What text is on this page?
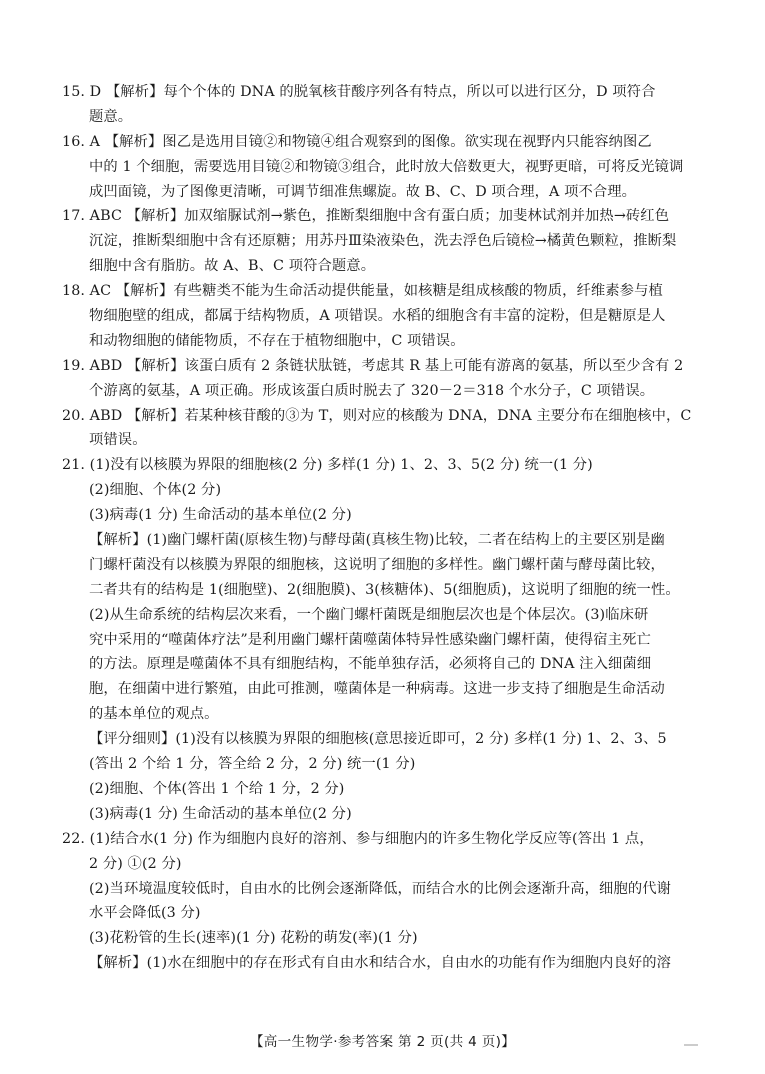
15. D 【解析】每个个体的 DNA 的脱氧核苷酸序列各有特点，所以可以进行区分，D 项符合
题意。
16. A 【解析】图乙是选用目镜②和物镜④组合观察到的图像。欲实现在视野内只能容纳图乙
中的 1 个细胞，需要选用目镜②和物镜③组合，此时放大倍数更大，视野更暗，可将反光镜调
成凹面镜，为了图像更清晰，可调节细准焦螺旋。故 B、C、D 项合理，A 项不合理。
17. ABC 【解析】加双缩脲试剂→紫色，推断梨细胞中含有蛋白质；加斐林试剂并加热→砖红色
沉淀，推断梨细胞中含有还原糖；用苏丹Ⅲ染液染色，洗去浮色后镜检→橘黄色颗粒，推断梨
细胞中含有脂肪。故 A、B、C 项符合题意。
18. AC 【解析】有些糖类不能为生命活动提供能量，如核糖是组成核酸的物质，纤维素参与植
物细胞壁的组成，都属于结构物质，A 项错误。水稻的细胞含有丰富的淀粉，但是糖原是人
和动物细胞的储能物质，不存在于植物细胞中，C 项错误。
19. ABD 【解析】该蛋白质有 2 条链状肽链，考虑其 R 基上可能有游离的氨基，所以至少含有 2
个游离的氨基，A 项正确。形成该蛋白质时脱去了 320－2＝318 个水分子，C 项错误。
20. ABD 【解析】若某种核苷酸的③为 T，则对应的核酸为 DNA，DNA 主要分布在细胞核中，C
项错误。
21. (1)没有以核膜为界限的细胞核(2 分) 多样(1 分) 1、2、3、5(2 分) 统一(1 分)
(2)细胞、个体(2 分)
(3)病毒(1 分) 生命活动的基本单位(2 分)
【解析】(1)幽门螺杆菌(原核生物)与酵母菌(真核生物)比较，二者在结构上的主要区别是幽
门螺杆菌没有以核膜为界限的细胞核，这说明了细胞的多样性。幽门螺杆菌与酵母菌比较，
二者共有的结构是 1(细胞壁)、2(细胞膜)、3(核糖体)、5(细胞质)，这说明了细胞的统一性。
(2)从生命系统的结构层次来看，一个幽门螺杆菌既是细胞层次也是个体层次。(3)临床研
究中采用的“噬菌体疗法”是利用幽门螺杆菌噬菌体特异性感染幽门螺杆菌，使得宿主死亡
的方法。原理是噬菌体不具有细胞结构，不能单独存活，必须将自己的 DNA 注入细菌细
胞，在细菌中进行繁殖，由此可推测，噬菌体是一种病毒。这进一步支持了细胞是生命活动
的基本单位的观点。
【评分细则】(1)没有以核膜为界限的细胞核(意思接近即可，2 分) 多样(1 分) 1、2、3、5
(答出 2 个给 1 分，答全给 2 分，2 分) 统一(1 分)
(2)细胞、个体(答出 1 个给 1 分，2 分)
(3)病毒(1 分) 生命活动的基本单位(2 分)
22. (1)结合水(1 分) 作为细胞内良好的溶剂、参与细胞内的许多生物化学反应等(答出 1 点，
2 分) ①(2 分)
(2)当环境温度较低时，自由水的比例会逐渐降低，而结合水的比例会逐渐升高，细胞的代谢
水平会降低(3 分)
(3)花粉管的生长(速率)(1 分) 花粉的萌发(率)(1 分)
【解析】(1)水在细胞中的存在形式有自由水和结合水，自由水的功能有作为细胞内良好的溶
【高一生物学·参考答案 第 2 页(共 4 页)】
